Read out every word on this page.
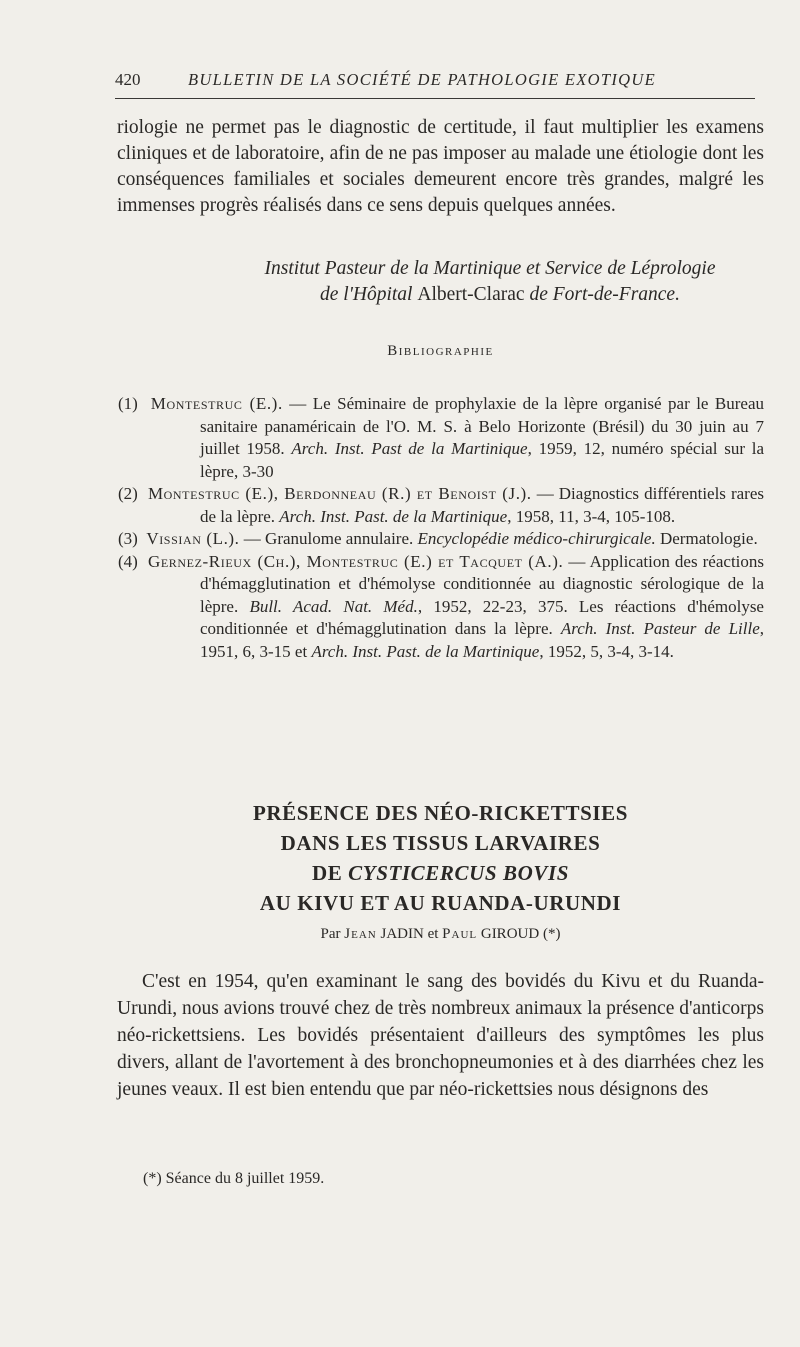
420	BULLETIN DE LA SOCIÉTÉ DE PATHOLOGIE EXOTIQUE

riologie ne permet pas le diagnostic de certitude, il faut multiplier les examens cliniques et de laboratoire, afin de ne pas imposer au malade une étiologie dont les conséquences familiales et sociales demeurent encore très grandes, malgré les immenses progrès réalisés dans ce sens depuis quelques années.

Institut Pasteur de la Martinique et Service de Léprologie
de l'Hôpital Albert-Clarac de Fort-de-France.
Bibliographie
(1) Montestruc (E.). — Le Séminaire de prophylaxie de la lèpre organisé par le Bureau sanitaire panaméricain de l'O. M. S. à Belo Horizonte (Brésil) du 30 juin au 7 juillet 1958. Arch. Inst. Past de la Martinique, 1959, 12, numéro spécial sur la lèpre, 3-30
(2) Montestruc (E.), Berdonneau (R.) et Benoist (J.). — Diagnostics différentiels rares de la lèpre. Arch. Inst. Past. de la Martinique, 1958, 11, 3-4, 105-108.
(3) Vissian (L.). — Granulome annulaire. Encyclopédie médico-chirurgicale. Dermatologie.
(4) Gernez-Rieux (Ch.), Montestruc (E.) et Tacquet (A.). — Application des réactions d'hémagglutination et d'hémolyse conditionnée au diagnostic sérologique de la lèpre. Bull. Acad. Nat. Méd., 1952, 22-23, 375. Les réactions d'hémolyse conditionnée et d'hémagglutination dans la lèpre. Arch. Inst. Pasteur de Lille, 1951, 6, 3-15 et Arch. Inst. Past. de la Martinique, 1952, 5, 3-4, 3-14.
PRÉSENCE DES NÉO-RICKETTSIES
DANS LES TISSUS LARVAIRES
DE CYSTICERCUS BOVIS
AU KIVU ET AU RUANDA-URUNDI
Par Jean JADIN et Paul GIROUD (*)

C'est en 1954, qu'en examinant le sang des bovidés du Kivu et du Ruanda-Urundi, nous avions trouvé chez de très nombreux animaux la présence d'anticorps néo-rickettsiens. Les bovidés présentaient d'ailleurs des symptômes les plus divers, allant de l'avortement à des bronchopneumonies et à des diarrhées chez les jeunes veaux. Il est bien entendu que par néo-rickettsies nous désignons des

(*) Séance du 8 juillet 1959.
